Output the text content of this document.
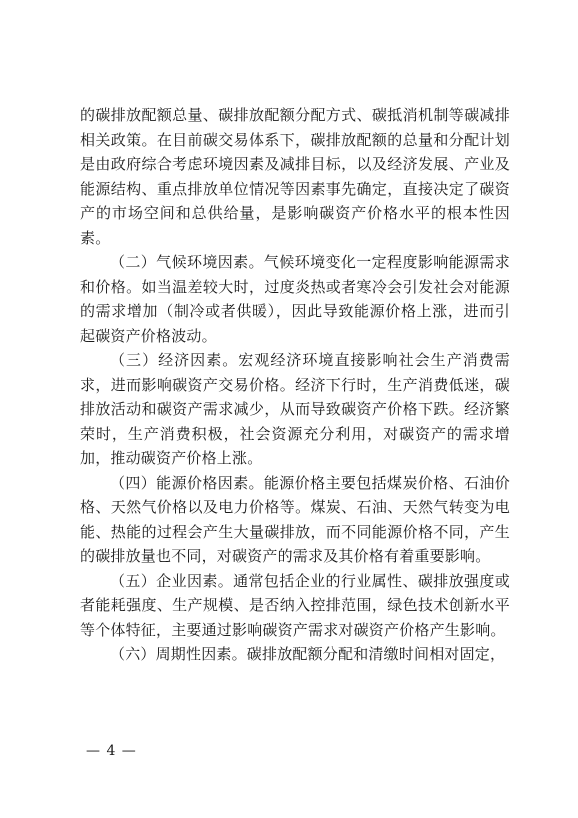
的碳排放配额总量、碳排放配额分配方式、碳抵消机制等碳减排相关政策。在目前碳交易体系下，碳排放配额的总量和分配计划是由政府综合考虑环境因素及减排目标，以及经济发展、产业及能源结构、重点排放单位情况等因素事先确定，直接决定了碳资产的市场空间和总供给量，是影响碳资产价格水平的根本性因素。

（二）气候环境因素。气候环境变化一定程度影响能源需求和价格。如当温差较大时，过度炎热或者寒冷会引发社会对能源的需求增加（制冷或者供暖），因此导致能源价格上涨，进而引起碳资产价格波动。

（三）经济因素。宏观经济环境直接影响社会生产消费需求，进而影响碳资产交易价格。经济下行时，生产消费低迷，碳排放活动和碳资产需求减少，从而导致碳资产价格下跌。经济繁荣时，生产消费积极，社会资源充分利用，对碳资产的需求增加，推动碳资产价格上涨。

（四）能源价格因素。能源价格主要包括煤炭价格、石油价格、天然气价格以及电力价格等。煤炭、石油、天然气转变为电能、热能的过程会产生大量碳排放，而不同能源价格不同，产生的碳排放量也不同，对碳资产的需求及其价格有着重要影响。

（五）企业因素。通常包括企业的行业属性、碳排放强度或者能耗强度、生产规模、是否纳入控排范围，绿色技术创新水平等个体特征，主要通过影响碳资产需求对碳资产价格产生影响。

（六）周期性因素。碳排放配额分配和清缴时间相对固定，

— 4 —
